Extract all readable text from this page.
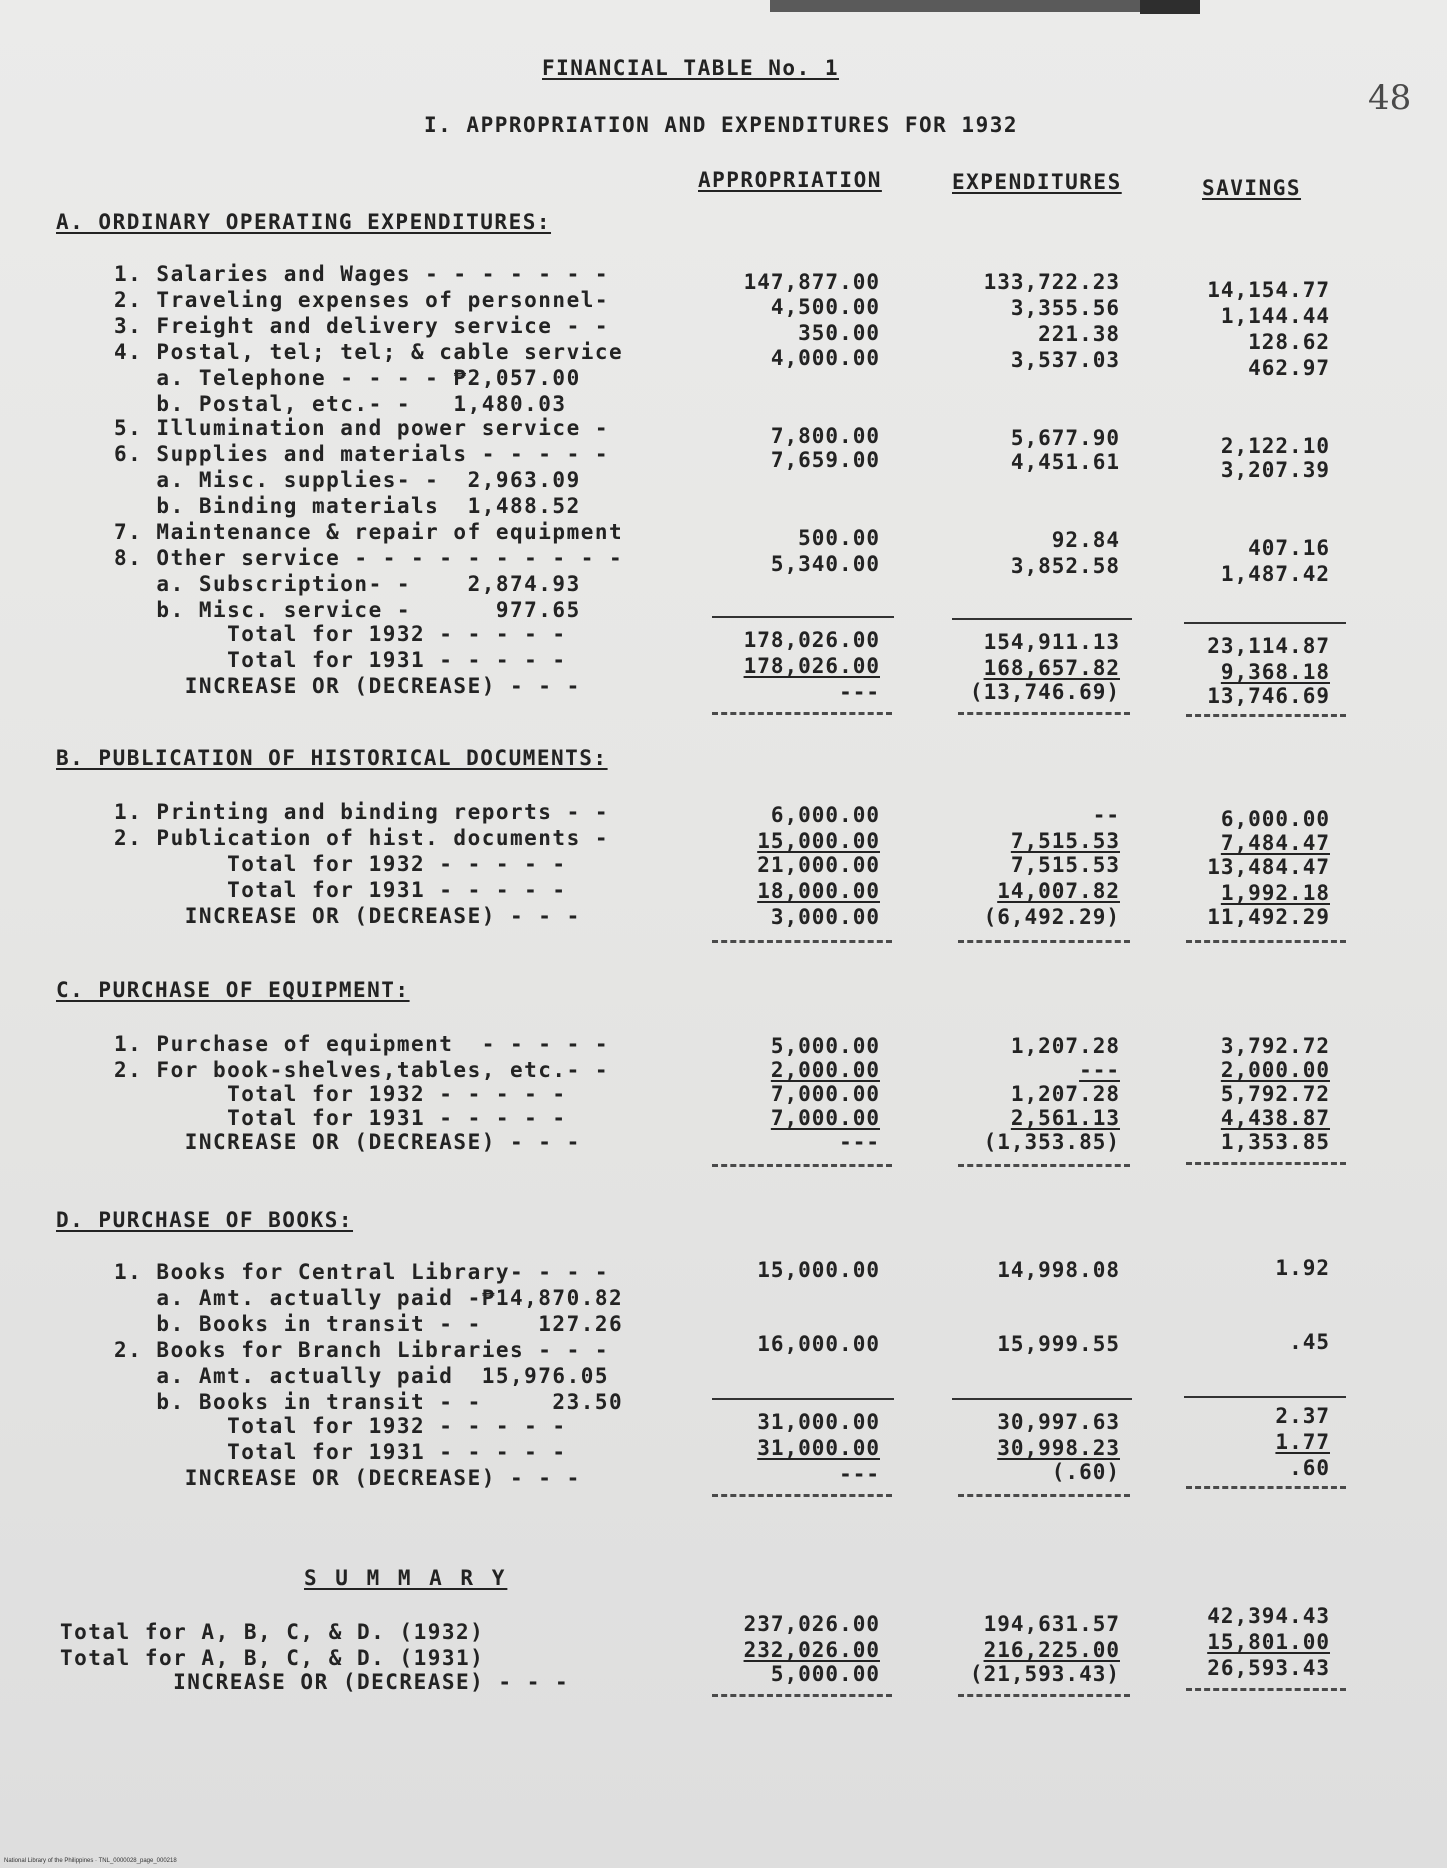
48
FINANCIAL TABLE No. 1
I. APPROPRIATION AND EXPENDITURES FOR 1932
APPROPRIATION	EXPENDITURES	SAVINGS
A. ORDINARY OPERATING EXPENDITURES:
1. Salaries and Wages - - - - - - -	147,877.00	133,722.23	14,154.77
2. Traveling expenses of personnel-	4,500.00	3,355.56	1,144.44
3. Freight and delivery service - -	350.00	221.38	128.62
4. Postal, tel; tel; & cable service	4,000.00	3,537.03	462.97
a. Telephone - - - - ₱2,057.00
b. Postal, etc.- -   1,480.03
5. Illumination and power service -	7,800.00	5,677.90	2,122.10
6. Supplies and materials - - - - -	7,659.00	4,451.61	3,207.39
a. Misc. supplies- -  2,963.09
b. Binding materials  1,488.52
7. Maintenance & repair of equipment	500.00	92.84	407.16
8. Other service - - - - - - - - - -	5,340.00	3,852.58	1,487.42
a. Subscription- -    2,874.93
b. Misc. service -      977.65
Total for 1932 - - - - -	178,026.00	154,911.13	23,114.87
Total for 1931 - - - - -	178,026.00	168,657.82	9,368.18
INCREASE OR (DECREASE) - - -	---	(13,746.69)	13,746.69
B. PUBLICATION OF HISTORICAL DOCUMENTS:
1. Printing and binding reports - -	6,000.00	--	6,000.00
2. Publication of hist. documents -	15,000.00	7,515.53	7,484.47
Total for 1932 - - - - -	21,000.00	7,515.53	13,484.47
Total for 1931 - - - - -	18,000.00	14,007.82	1,992.18
INCREASE OR (DECREASE) - - -	3,000.00	(6,492.29)	11,492.29
C. PURCHASE OF EQUIPMENT:
1. Purchase of equipment  - - - - -	5,000.00	1,207.28	3,792.72
2. For book-shelves,tables, etc.- -	2,000.00	---	2,000.00
Total for 1932 - - - - -	7,000.00	1,207.28	5,792.72
Total for 1931 - - - - -	7,000.00	2,561.13	4,438.87
INCREASE OR (DECREASE) - - -	---	(1,353.85)	1,353.85
D. PURCHASE OF BOOKS:
1. Books for Central Library- - - -	15,000.00	14,998.08	1.92
a. Amt. actually paid -₱14,870.82
b. Books in transit - -    127.26
2. Books for Branch Libraries - - -	16,000.00	15,999.55	.45
a. Amt. actually paid  15,976.05
b. Books in transit - -     23.50
Total for 1932 - - - - -	31,000.00	30,997.63	2.37
Total for 1931 - - - - -	31,000.00	30,998.23	1.77
INCREASE OR (DECREASE) - - -	---	(.60)	.60
S U M M A R Y
Total for A, B, C, & D. (1932)	237,026.00	194,631.57	42,394.43
Total for A, B, C, & D. (1931)	232,026.00	216,225.00	15,801.00
INCREASE OR (DECREASE) - - -	5,000.00	(21,593.43)	26,593.43
National Library of the Philippines · TNL_0000028_page_000218
